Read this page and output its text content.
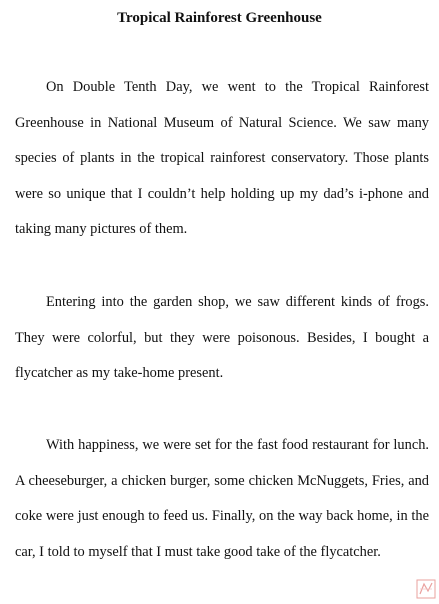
Tropical Rainforest Greenhouse

On Double Tenth Day, we went to the Tropical Rainforest Greenhouse in National Museum of Natural Science. We saw many species of plants in the tropical rainforest conservatory. Those plants were so unique that I couldn’t help holding up my dad’s i-phone and taking many pictures of them.

Entering into the garden shop, we saw different kinds of frogs. They were colorful, but they were poisonous. Besides, I bought a flycatcher as my take-home present.

With happiness, we were set for the fast food restaurant for lunch. A cheeseburger, a chicken burger, some chicken McNuggets, Fries, and coke were just enough to feed us. Finally, on the way back home, in the car, I told to myself that I must take good take of the flycatcher.
